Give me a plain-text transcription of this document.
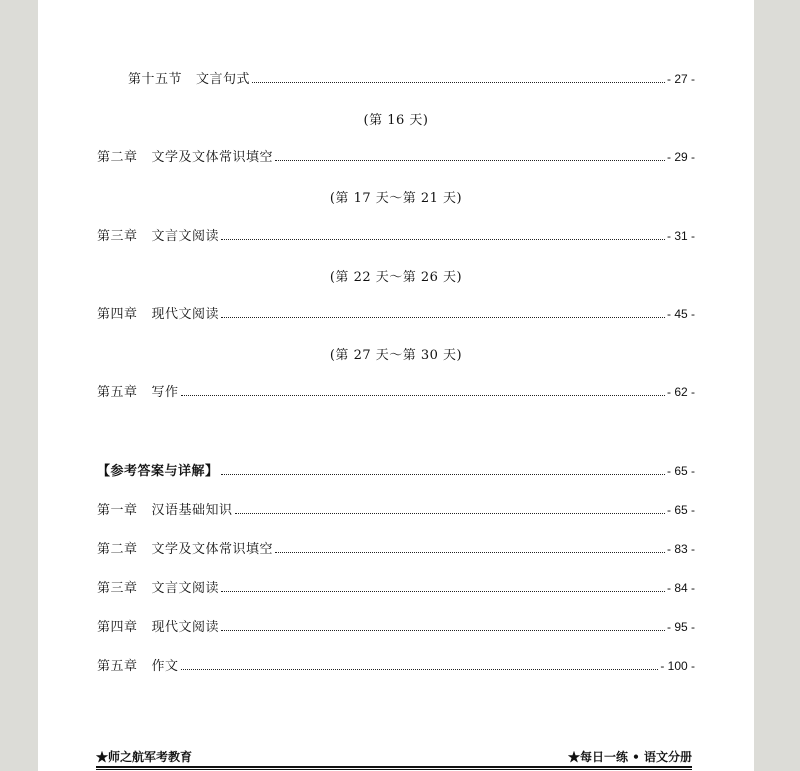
第十五节 文言句式	- 27 -
(第 16 天)
第二章 文学及文体常识填空	- 29 -
(第 17 天～第 21 天)
第三章 文言文阅读	- 31 -
(第 22 天～第 26 天)
第四章 现代文阅读	- 45 -
(第 27 天～第 30 天)
第五章 写作	- 62 -
【参考答案与详解】	- 65 -
第一章 汉语基础知识	- 65 -
第二章 文学及文体常识填空	- 83 -
第三章 文言文阅读	- 84 -
第四章 现代文阅读	- 95 -
第五章 作文	- 100 -
★师之航军考教育	★每日一练 • 语文分册
